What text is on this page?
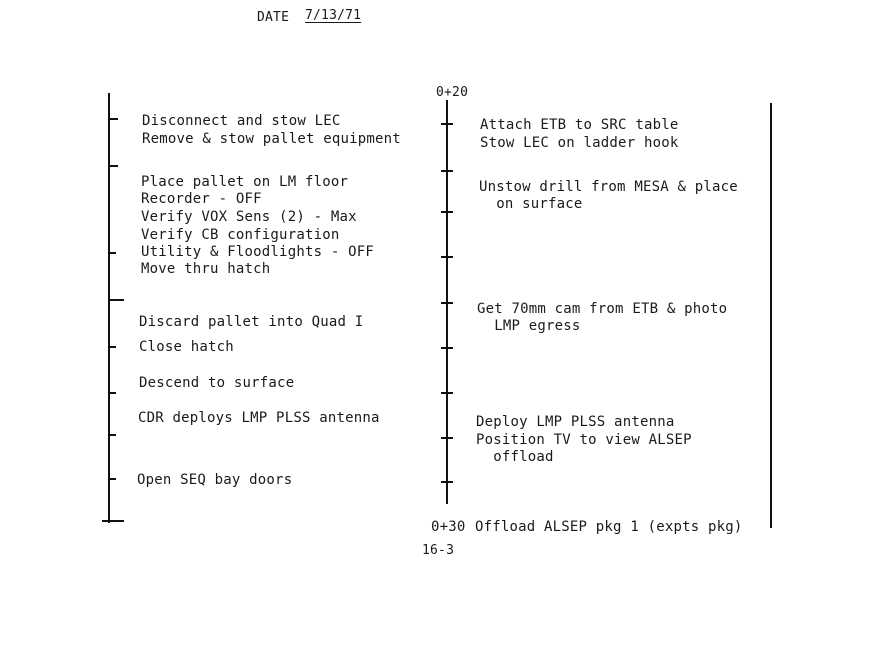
DATE 7/13/71
0+20
Disconnect and stow LEC
Remove & stow pallet equipment
Place pallet on LM floor
Recorder - OFF
Verify VOX Sens (2) - Max
Verify CB configuration
Utility & Floodlights - OFF
Move thru hatch
Discard pallet into Quad I
Close hatch
Descend to surface
CDR deploys LMP PLSS antenna
Open SEQ bay doors
Attach ETB to SRC table
Stow LEC on ladder hook
Unstow drill from MESA & place
on surface
Get 70mm cam from ETB & photo
LMP egress
Deploy LMP PLSS antenna
Position TV to view ALSEP
offload
0+30 Offload ALSEP pkg 1 (expts pkg)
16-3
